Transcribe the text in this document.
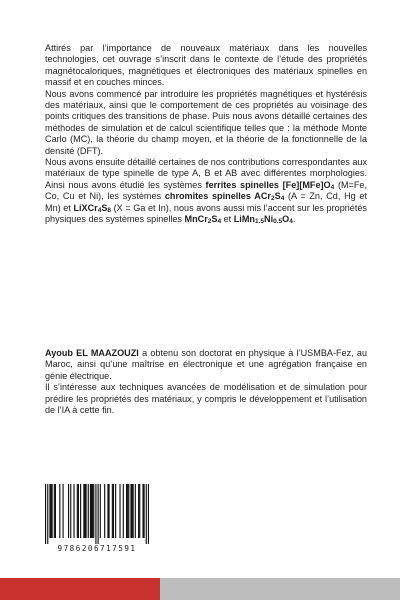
Attirés par l’importance de nouveaux matériaux dans les nouvelles technologies, cet ouvrage s’inscrit dans le contexte de l’étude des propriétés magnétocaloriques, magnétiques et électroniques des matériaux spinelles en massif et en couches minces.

Nous avons commencé par introduire les propriétés magnétiques et hystérésis des matériaux, ainsi que le comportement de ces propriétés au voisinage des points critiques des transitions de phase. Puis nous avons détaillé certaines des méthodes de simulation et de calcul scientifique telles que : la méthode Monte Carlo (MC), la théorie du champ moyen, et la théorie de la fonctionnelle de la densité (DFT).

Nous avons ensuite détaillé certaines de nos contributions correspondantes aux matériaux de type spinelle de type A, B et AB avec différentes morphologies. Ainsi nous avons étudié les systèmes ferrites spinelles $[Fe][MFe]O_4$ (M=Fe, Co, Cu et Ni), les systèmes chromites spinelles $ACr_2S_4$ (A = Zn, Cd, Hg et Mn) et $LiXCr_4S_8$ (X = Ga et In), nous avons aussi mis l’accent sur les propriétés physiques des systèmes spinelles $MnCr_2S_4$ et $LiMn_{1.5}Ni_{0.5}O_4$.

Ayoub EL MAAZOUZI a obtenu son doctorat en physique à l’USMBA-Fez, au Maroc, ainsi qu’une maîtrise en électronique et une agrégation française en génie électrique.

Il s’intéresse aux techniques avancées de modélisation et de simulation pour prédire les propriétés des matériaux, y compris le développement et l’utilisation de l’IA à cette fin.

9786206717591
